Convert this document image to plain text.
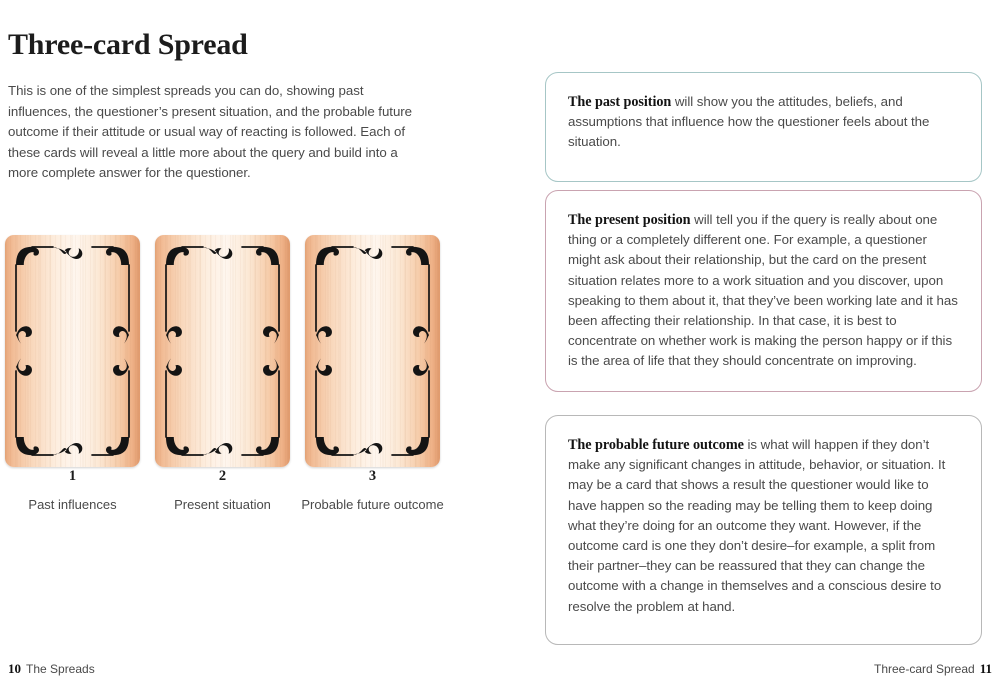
Three-card Spread

This is one of the simplest spreads you can do, showing past influences, the questioner’s present situation, and the probable future outcome if their attitude or usual way of reacting is followed. Each of these cards will reveal a little more about the query and build into a more complete answer for the questioner.

1
Past influences
2
Present situation
3
Probable future outcome
10 The Spreads
The past position will show you the attitudes, beliefs, and assumptions that influence how the questioner feels about the situation.
The present position will tell you if the query is really about one thing or a completely different one. For example, a questioner might ask about their relationship, but the card on the present situation relates more to a work situation and you discover, upon speaking to them about it, that they’ve been working late and it has been affecting their relationship. In that case, it is best to concentrate on whether work is making the person happy or if this is the area of life that they should concentrate on improving.
The probable future outcome is what will happen if they don’t make any significant changes in attitude, behavior, or situation. It may be a card that shows a result the questioner would like to have happen so the reading may be telling them to keep doing what they’re doing for an outcome they want. However, if the outcome card is one they don’t desire–for example, a split from their partner–they can be reassured that they can change the outcome with a change in themselves and a conscious desire to resolve the problem at hand.
Three-card Spread 11
